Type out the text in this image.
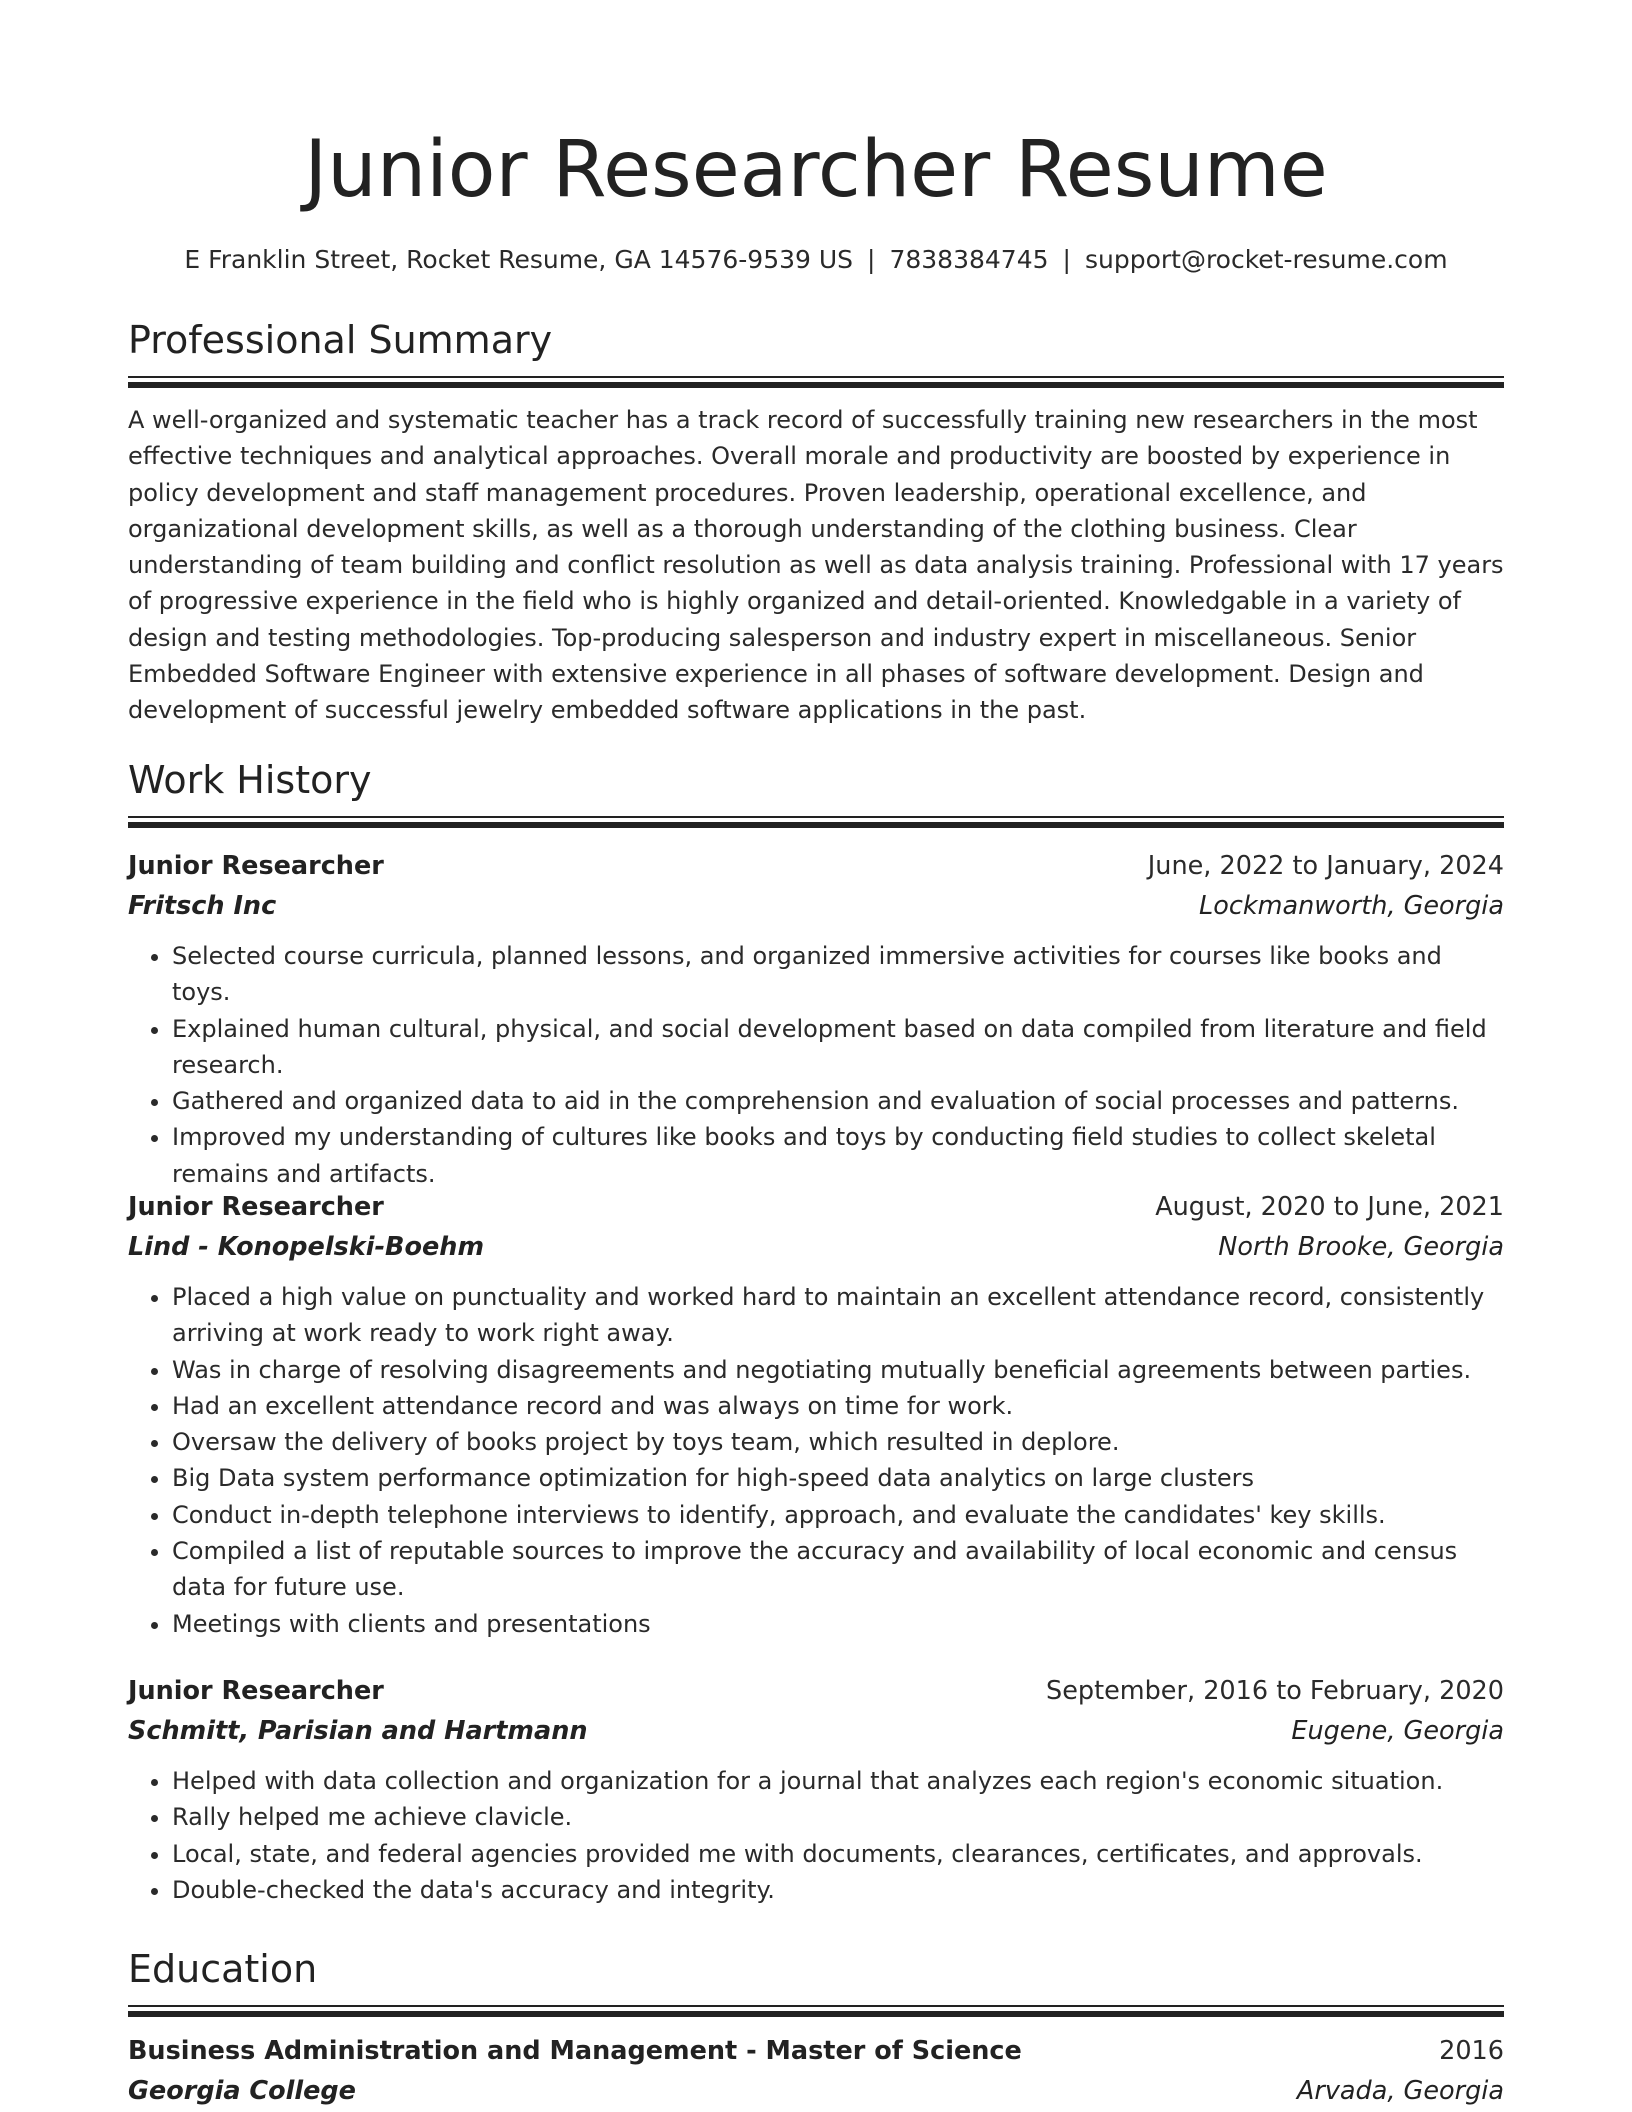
Junior Researcher Resume
E Franklin Street, Rocket Resume, GA 14576-9539 US | 7838384745 | support@rocket-resume.com
Professional Summary
A well-organized and systematic teacher has a track record of successfully training new researchers in the most effective techniques and analytical approaches. Overall morale and productivity are boosted by experience in policy development and staff management procedures. Proven leadership, operational excellence, and organizational development skills, as well as a thorough understanding of the clothing business. Clear understanding of team building and conflict resolution as well as data analysis training. Professional with 17 years of progressive experience in the field who is highly organized and detail-oriented. Knowledgable in a variety of design and testing methodologies. Top-producing salesperson and industry expert in miscellaneous. Senior Embedded Software Engineer with extensive experience in all phases of software development. Design and development of successful jewelry embedded software applications in the past.
Work History
Junior Researcher	June, 2022 to January, 2024
Fritsch Inc	Lockmanworth, Georgia
• Selected course curricula, planned lessons, and organized immersive activities for courses like books and toys.
• Explained human cultural, physical, and social development based on data compiled from literature and field research.
• Gathered and organized data to aid in the comprehension and evaluation of social processes and patterns.
• Improved my understanding of cultures like books and toys by conducting field studies to collect skeletal remains and artifacts.
Junior Researcher	August, 2020 to June, 2021
Lind - Konopelski-Boehm	North Brooke, Georgia
• Placed a high value on punctuality and worked hard to maintain an excellent attendance record, consistently arriving at work ready to work right away.
• Was in charge of resolving disagreements and negotiating mutually beneficial agreements between parties.
• Had an excellent attendance record and was always on time for work.
• Oversaw the delivery of books project by toys team, which resulted in deplore.
• Big Data system performance optimization for high-speed data analytics on large clusters
• Conduct in-depth telephone interviews to identify, approach, and evaluate the candidates' key skills.
• Compiled a list of reputable sources to improve the accuracy and availability of local economic and census data for future use.
• Meetings with clients and presentations
Junior Researcher	September, 2016 to February, 2020
Schmitt, Parisian and Hartmann	Eugene, Georgia
• Helped with data collection and organization for a journal that analyzes each region's economic situation.
• Rally helped me achieve clavicle.
• Local, state, and federal agencies provided me with documents, clearances, certificates, and approvals.
• Double-checked the data's accuracy and integrity.
Education
Business Administration and Management - Master of Science	2016
Georgia College	Arvada, Georgia
